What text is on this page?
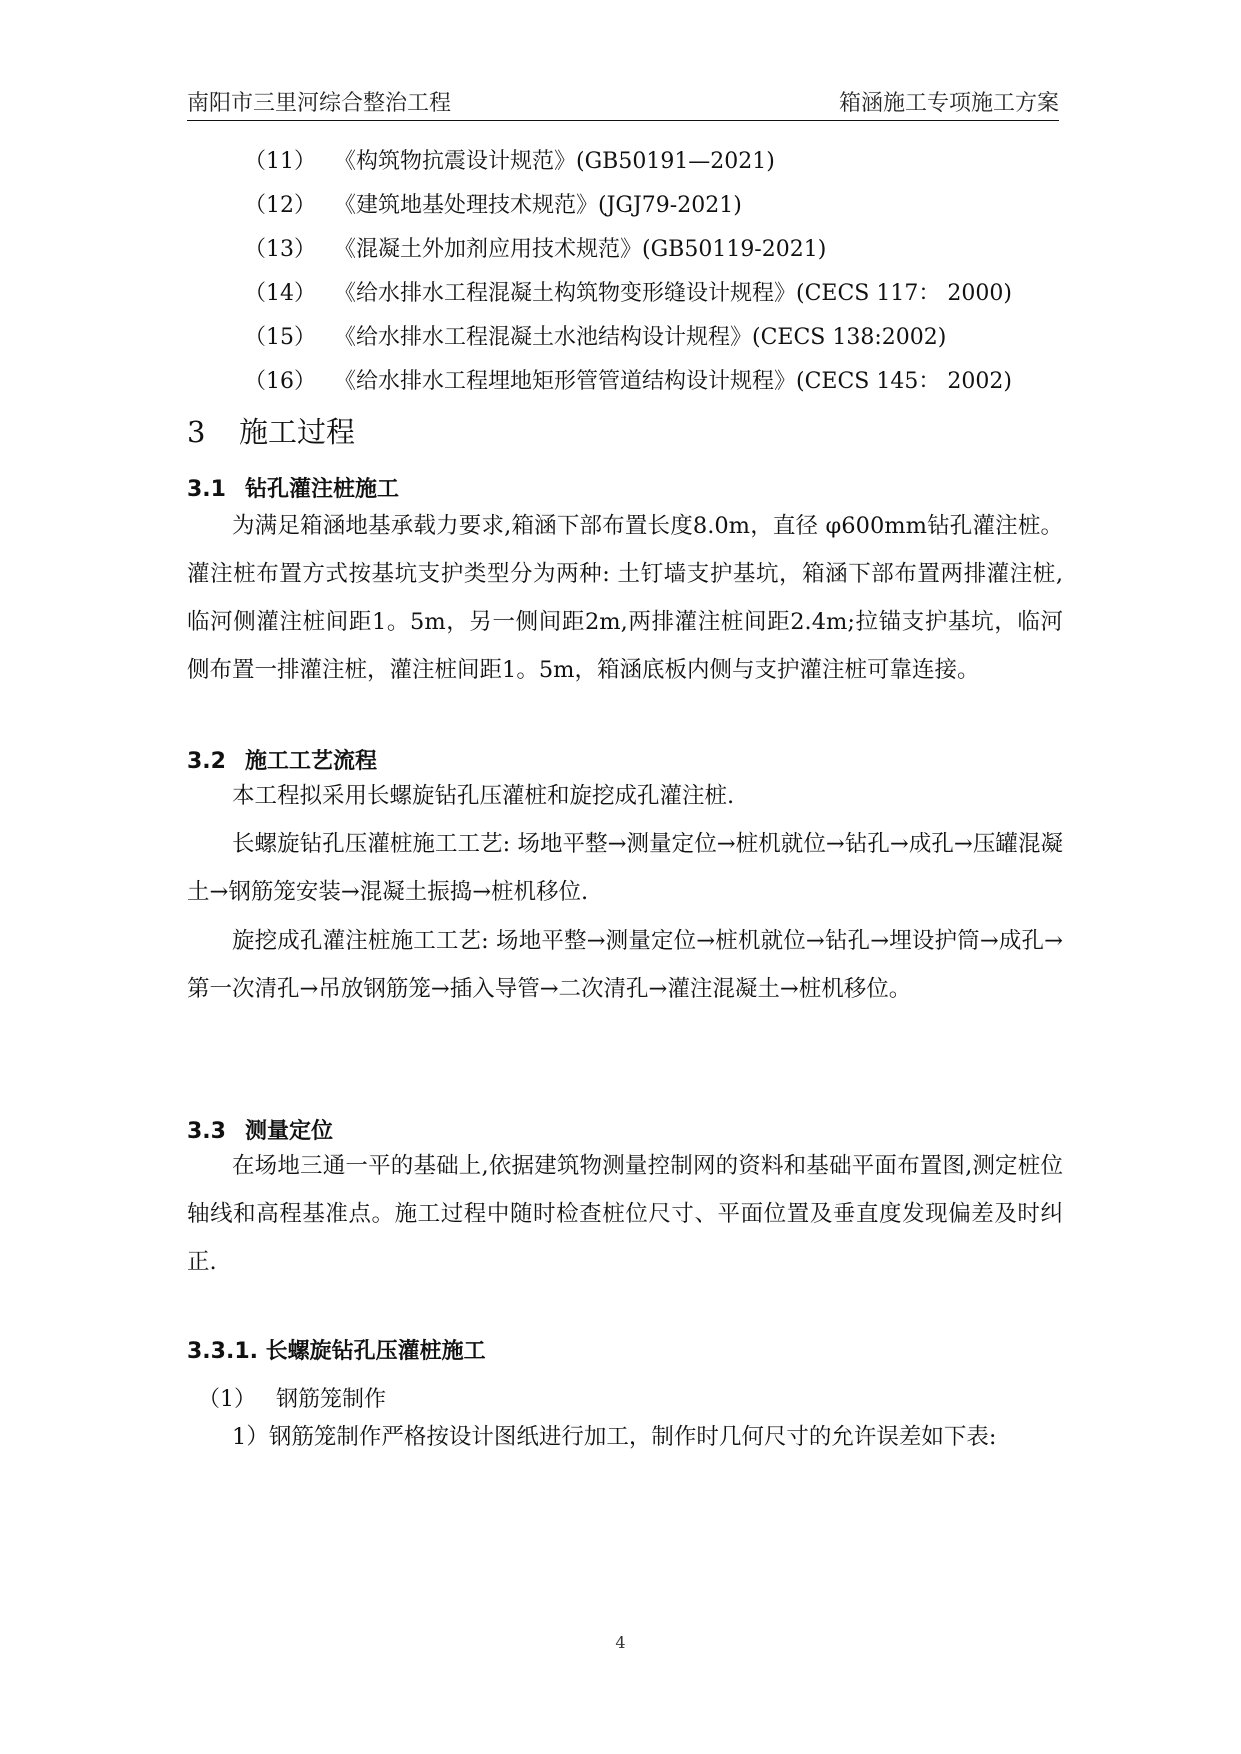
南阳市三里河综合整治工程	箱涵施工专项施工方案
（11） 《构筑物抗震设计规范》(GB50191—2021)
（12） 《建筑地基处理技术规范》(JGJ79-2021)
（13） 《混凝土外加剂应用技术规范》(GB50119-2021)
（14） 《给水排水工程混凝土构筑物变形缝设计规程》(CECS 117： 2000)
（15） 《给水排水工程混凝土水池结构设计规程》(CECS 138:2002)
（16） 《给水排水工程埋地矩形管管道结构设计规程》(CECS 145： 2002)
3 施工过程
3.1 钻孔灌注桩施工

为满足箱涵地基承载力要求,箱涵下部布置长度8.0m，直径 φ600mm钻孔灌注桩。灌注桩布置方式按基坑支护类型分为两种: 土钉墙支护基坑，箱涵下部布置两排灌注桩,临河侧灌注桩间距1。5m，另一侧间距2m,两排灌注桩间距2.4m;拉锚支护基坑，临河侧布置一排灌注桩，灌注桩间距1。5m，箱涵底板内侧与支护灌注桩可靠连接。

3.2 施工工艺流程

本工程拟采用长螺旋钻孔压灌桩和旋挖成孔灌注桩.

长螺旋钻孔压灌桩施工工艺: 场地平整→测量定位→桩机就位→钻孔→成孔→压罐混凝土→钢筋笼安装→混凝土振捣→桩机移位.

旋挖成孔灌注桩施工工艺: 场地平整→测量定位→桩机就位→钻孔→埋设护筒→成孔→第一次清孔→吊放钢筋笼→插入导管→二次清孔→灌注混凝土→桩机移位。

3.3 测量定位

在场地三通一平的基础上,依据建筑物测量控制网的资料和基础平面布置图,测定桩位轴线和高程基准点。施工过程中随时检查桩位尺寸、平面位置及垂直度发现偏差及时纠正.

3.3.1. 长螺旋钻孔压灌桩施工
（1） 钢筋笼制作

1）钢筋笼制作严格按设计图纸进行加工，制作时几何尺寸的允许误差如下表:

4
